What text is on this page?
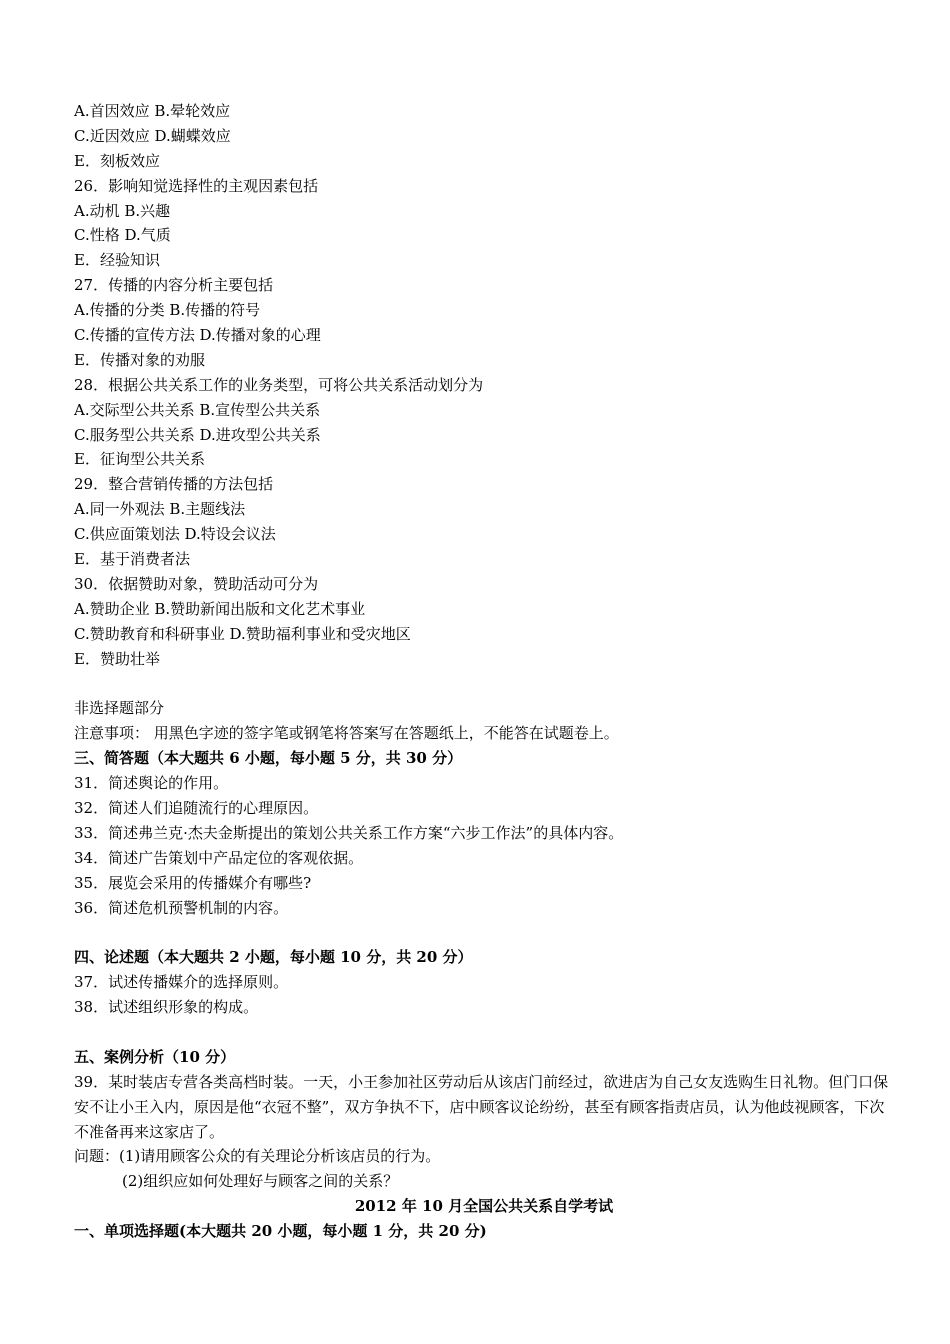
A.首因效应 B.晕轮效应
C.近因效应 D.蝴蝶效应
E．刻板效应
26．影响知觉选择性的主观因素包括
A.动机 B.兴趣
C.性格 D.气质
E．经验知识
27．传播的内容分析主要包括
A.传播的分类 B.传播的符号
C.传播的宣传方法 D.传播对象的心理
E．传播对象的劝服
28．根据公共关系工作的业务类型，可将公共关系活动划分为
A.交际型公共关系 B.宣传型公共关系
C.服务型公共关系 D.进攻型公共关系
E．征询型公共关系
29．整合营销传播的方法包括
A.同一外观法 B.主题线法
C.供应面策划法 D.特设会议法
E．基于消费者法
30．依据赞助对象，赞助活动可分为
A.赞助企业 B.赞助新闻出版和文化艺术事业
C.赞助教育和科研事业 D.赞助福利事业和受灾地区
E．赞助壮举
非选择题部分
注意事项： 用黑色字迹的签字笔或钢笔将答案写在答题纸上，不能答在试题卷上。
三、简答题（本大题共 6 小题，每小题 5 分，共 30 分）
31．简述舆论的作用。
32．简述人们追随流行的心理原因。
33．简述弗兰克·杰夫金斯提出的策划公共关系工作方案“六步工作法”的具体内容。
34．简述广告策划中产品定位的客观依据。
35．展览会采用的传播媒介有哪些?
36．简述危机预警机制的内容。
四、论述题（本大题共 2 小题，每小题 10 分，共 20 分）
37．试述传播媒介的选择原则。
38．试述组织形象的构成。
五、案例分析（10 分）
39．某时装店专营各类高档时装。一天，小王参加社区劳动后从该店门前经过，欲进店为自己女友选购生日礼物。但门口保安不让小王入内，原因是他“衣冠不整”，双方争执不下，店中顾客议论纷纷，甚至有顾客指责店员，认为他歧视顾客，下次不准备再来这家店了。
问题：(1)请用顾客公众的有关理论分析该店员的行为。
(2)组织应如何处理好与顾客之间的关系？
2012 年 10 月全国公共关系自学考试
一、单项选择题(本大题共 20 小题，每小题 1 分，共 20 分)
